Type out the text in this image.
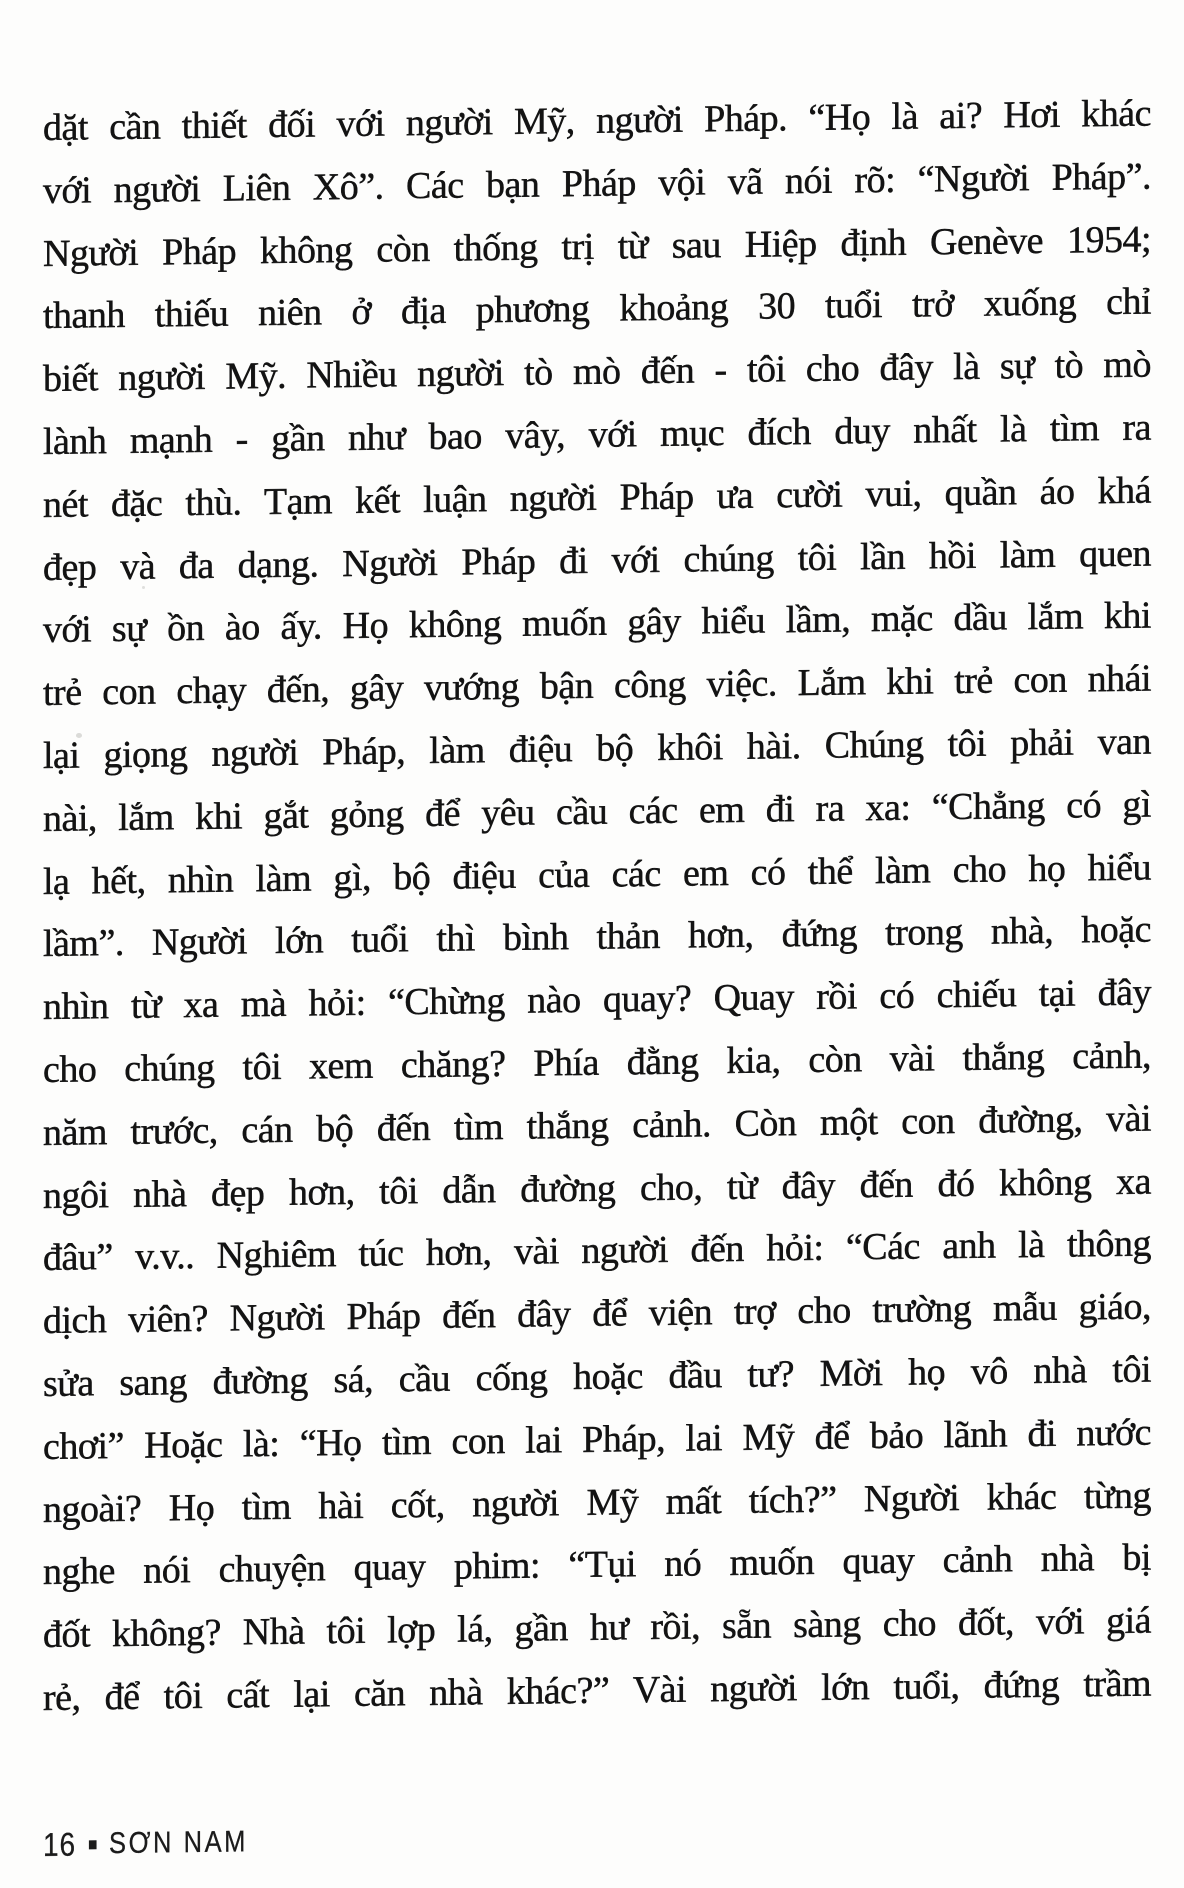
dặt cần thiết đối với người Mỹ, người Pháp. “Họ là ai? Hơi khác
với người Liên Xô”. Các bạn Pháp vội vã nói rõ: “Người Pháp”.
Người Pháp không còn thống trị từ sau Hiệp định Genève 1954;
thanh thiếu niên ở địa phương khoảng 30 tuổi trở xuống chỉ
biết người Mỹ. Nhiều người tò mò đến - tôi cho đây là sự tò mò
lành mạnh - gần như bao vây, với mục đích duy nhất là tìm ra
nét đặc thù. Tạm kết luận người Pháp ưa cười vui, quần áo khá
đẹp và đa dạng. Người Pháp đi với chúng tôi lần hồi làm quen
với sự ồn ào ấy. Họ không muốn gây hiểu lầm, mặc dầu lắm khi
trẻ con chạy đến, gây vướng bận công việc. Lắm khi trẻ con nhái
lại giọng người Pháp, làm điệu bộ khôi hài. Chúng tôi phải van
nài, lắm khi gắt gỏng để yêu cầu các em đi ra xa: “Chẳng có gì
lạ hết, nhìn làm gì, bộ điệu của các em có thể làm cho họ hiểu
lầm”. Người lớn tuổi thì bình thản hơn, đứng trong nhà, hoặc
nhìn từ xa mà hỏi: “Chừng nào quay? Quay rồi có chiếu tại đây
cho chúng tôi xem chăng? Phía đằng kia, còn vài thắng cảnh,
năm trước, cán bộ đến tìm thắng cảnh. Còn một con đường, vài
ngôi nhà đẹp hơn, tôi dẫn đường cho, từ đây đến đó không xa
đâu” v.v.. Nghiêm túc hơn, vài người đến hỏi: “Các anh là thông
dịch viên? Người Pháp đến đây để viện trợ cho trường mẫu giáo,
sửa sang đường sá, cầu cống hoặc đầu tư? Mời họ vô nhà tôi
chơi” Hoặc là: “Họ tìm con lai Pháp, lai Mỹ để bảo lãnh đi nước
ngoài? Họ tìm hài cốt, người Mỹ mất tích?” Người khác từng
nghe nói chuyện quay phim: “Tụi nó muốn quay cảnh nhà bị
đốt không? Nhà tôi lợp lá, gần hư rồi, sẵn sàng cho đốt, với giá
rẻ, để tôi cất lại căn nhà khác?” Vài người lớn tuổi, đứng trầm
16 SƠN NAM
